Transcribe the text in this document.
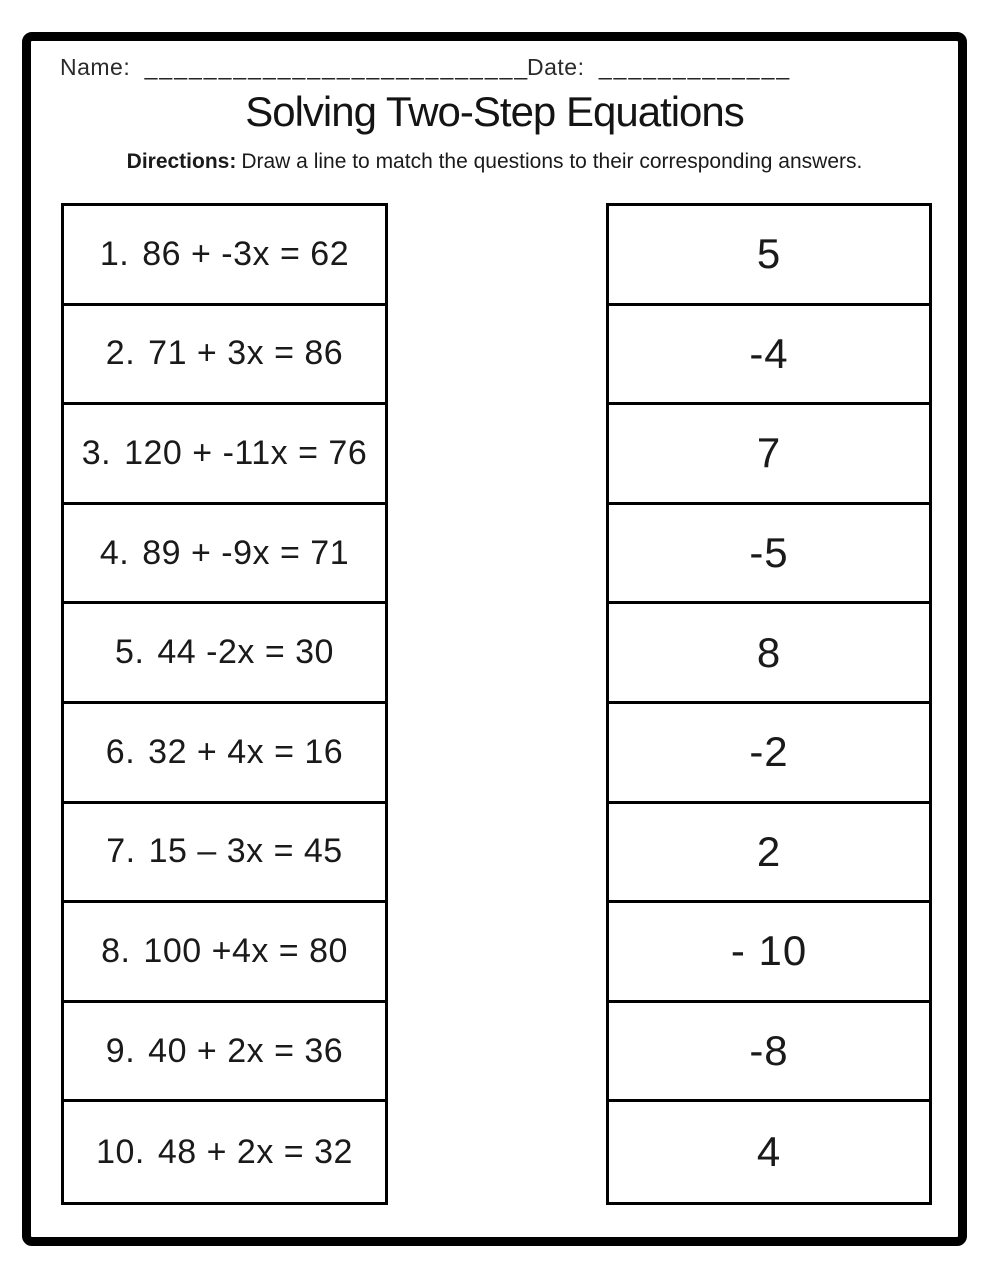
Name: __________________________
Date: _____________
Solving Two-Step Equations

Directions: Draw a line to match the questions to their corresponding answers.

1. 86 + -3x = 62
2. 71 + 3x = 86
3. 120 + -11x = 76
4. 89 + -9x = 71
5. 44 -2x = 30
6. 32 + 4x = 16
7. 15 – 3x = 45
8. 100 +4x = 80
9. 40 + 2x = 36
10. 48 + 2x = 32
5
-4
7
-5
8
-2
2
- 10
-8
4
